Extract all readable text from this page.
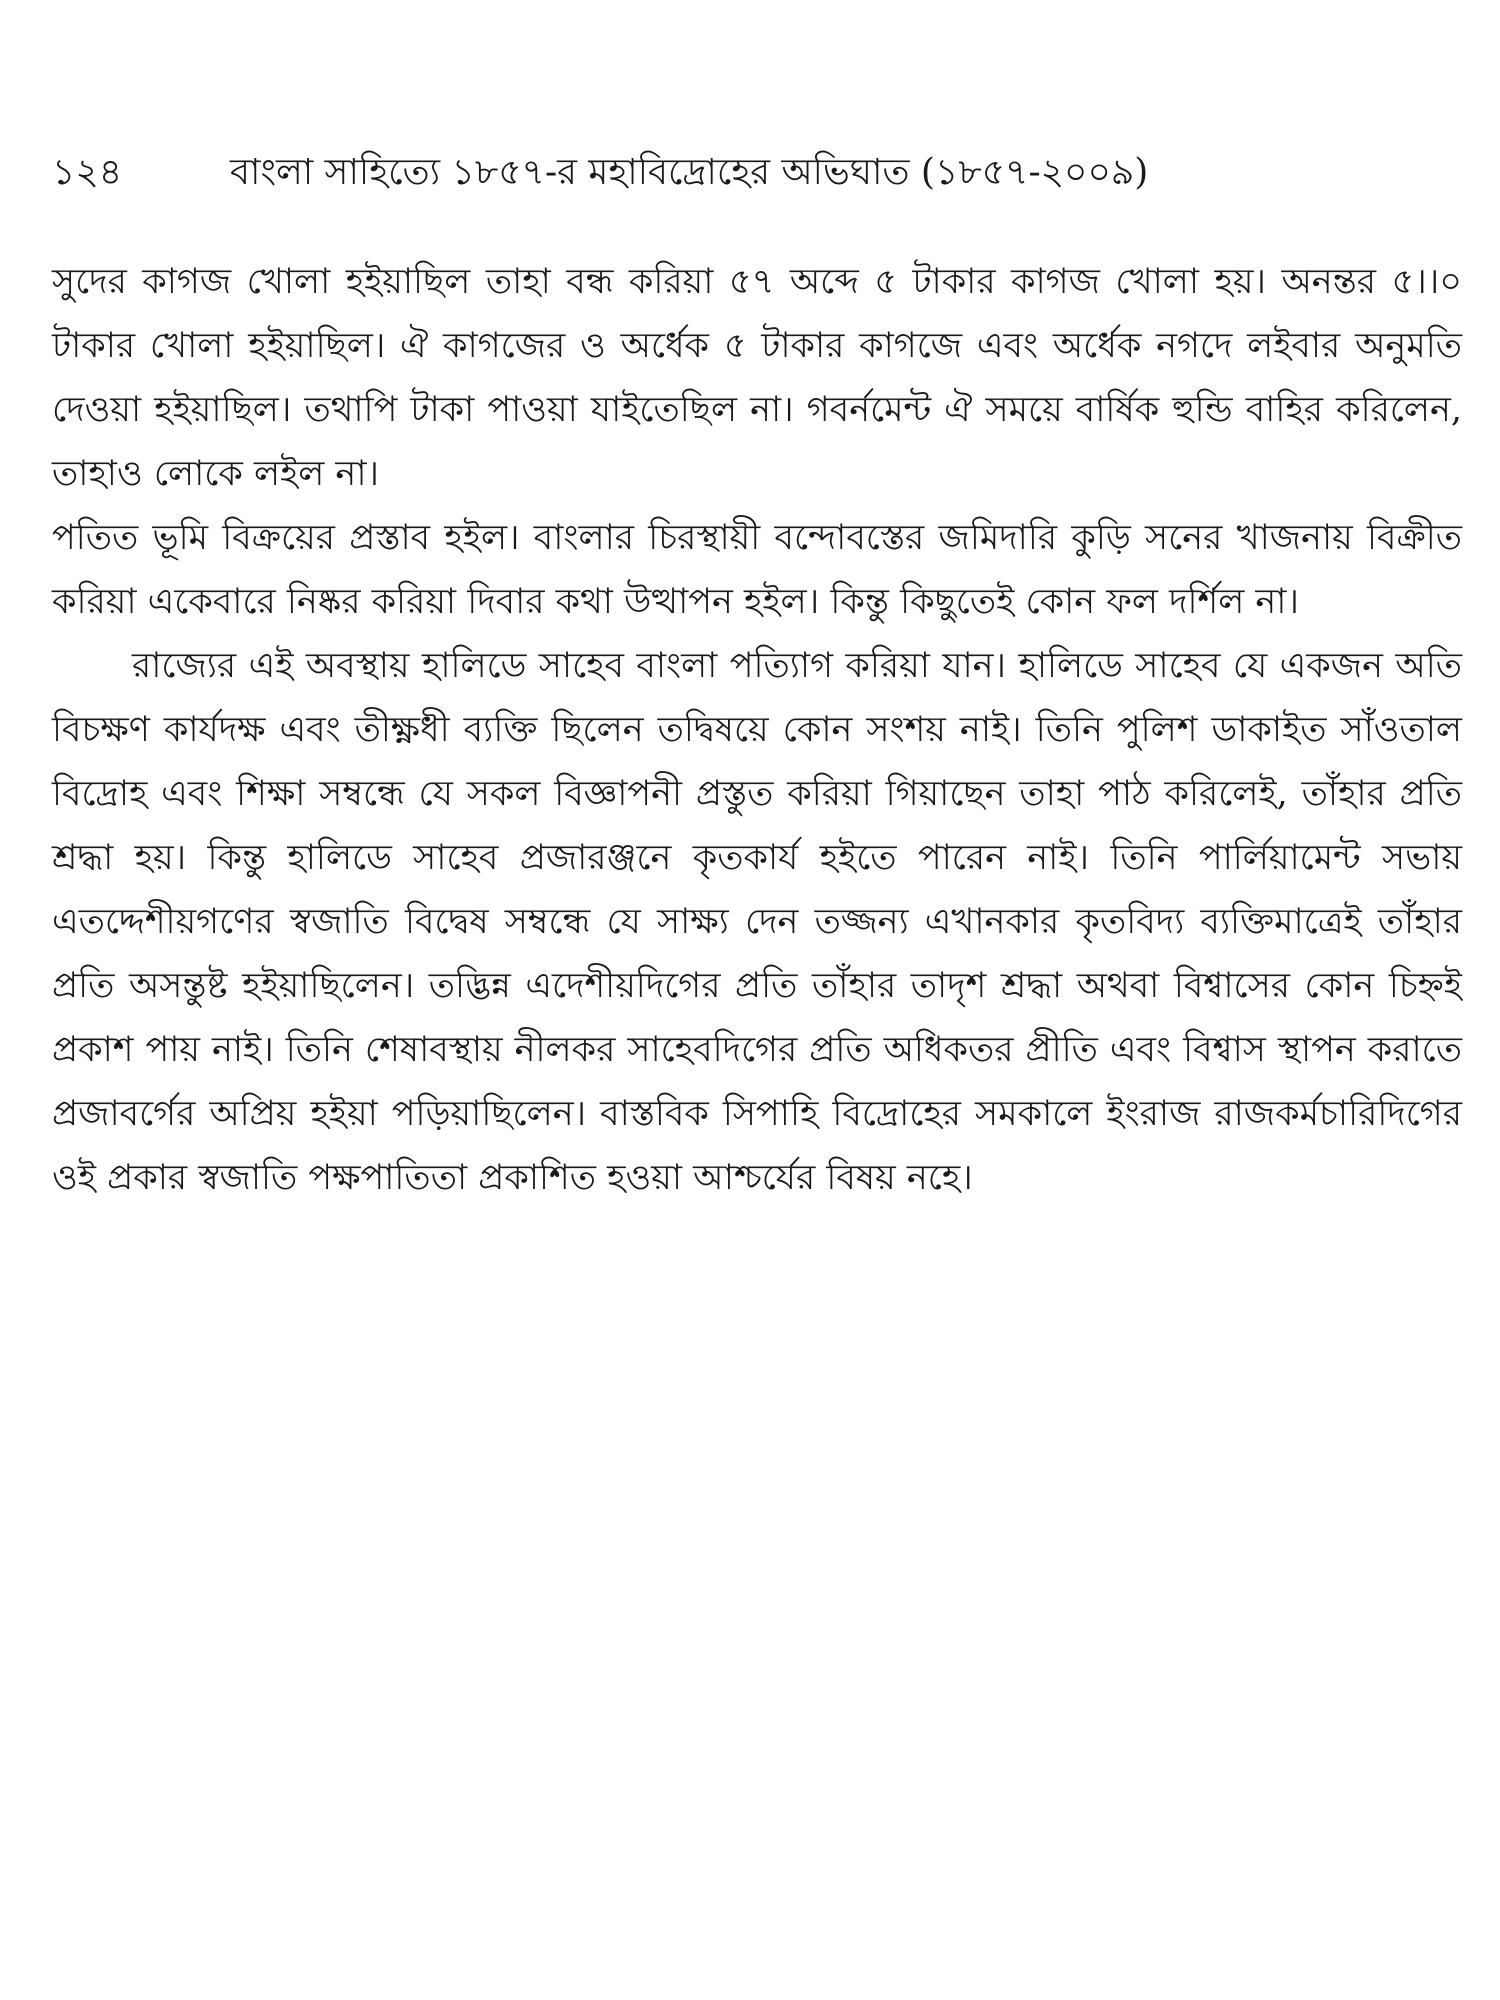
১২৪	বাংলা সাহিত্যে ১৮৫৭-র মহাবিদ্রোহের অভিঘাত (১৮৫৭-২০০৯)

সুদের কাগজ খোলা হইয়াছিল তাহা বন্ধ করিয়া ৫৭ অব্দে ৫ টাকার কাগজ খোলা হয়। অনন্তর ৫।।০ টাকার খোলা হইয়াছিল। ঐ কাগজের ও অর্ধেক ৫ টাকার কাগজে এবং অর্ধেক নগদে লইবার অনুমতি দেওয়া হইয়াছিল। তথাপি টাকা পাওয়া যাইতেছিল না। গবর্নমেন্ট ঐ সময়ে বার্ষিক হুন্ডি বাহির করিলেন, তাহাও লোকে লইল না।

পতিত ভূমি বিক্রয়ের প্রস্তাব হইল। বাংলার চিরস্থায়ী বন্দোবস্তের জমিদারি কুড়ি সনের খাজনায় বিক্রীত করিয়া একেবারে নিষ্কর করিয়া দিবার কথা উত্থাপন হইল। কিন্তু কিছুতেই কোন ফল দর্শিল না।

রাজ্যের এই অবস্থায় হালিডে সাহেব বাংলা পত্যিাগ করিয়া যান। হালিডে সাহেব যে একজন অতি বিচক্ষণ কার্যদক্ষ এবং তীক্ষ্ণধী ব্যক্তি ছিলেন তদ্বিষয়ে কোন সংশয় নাই। তিনি পুলিশ ডাকাইত সাঁওতাল বিদ্রোহ এবং শিক্ষা সম্বন্ধে যে সকল বিজ্ঞাপনী প্রস্তুত করিয়া গিয়াছেন তাহা পাঠ করিলেই, তাঁহার প্রতি শ্রদ্ধা হয়। কিন্তু হালিডে সাহেব প্রজারঞ্জনে কৃতকার্য হইতে পারেন নাই। তিনি পার্লিয়ামেন্ট সভায় এতদ্দেশীয়গণের স্বজাতি বিদ্বেষ সম্বন্ধে যে সাক্ষ্য দেন তজ্জন্য এখানকার কৃতবিদ্য ব্যক্তিমাত্রেই তাঁহার প্রতি অসন্তুষ্ট হইয়াছিলেন। তদ্ভিন্ন এদেশীয়দিগের প্রতি তাঁহার তাদৃশ শ্রদ্ধা অথবা বিশ্বাসের কোন চিহ্নই প্রকাশ পায় নাই। তিনি শেষাবস্থায় নীলকর সাহেবদিগের প্রতি অধিকতর প্রীতি এবং বিশ্বাস স্থাপন করাতে প্রজাবর্গের অপ্রিয় হইয়া পড়িয়াছিলেন। বাস্তবিক সিপাহি বিদ্রোহের সমকালে ইংরাজ রাজকর্মচারিদিগের ওই প্রকার স্বজাতি পক্ষপাতিতা প্রকাশিত হওয়া আশ্চর্যের বিষয় নহে।
